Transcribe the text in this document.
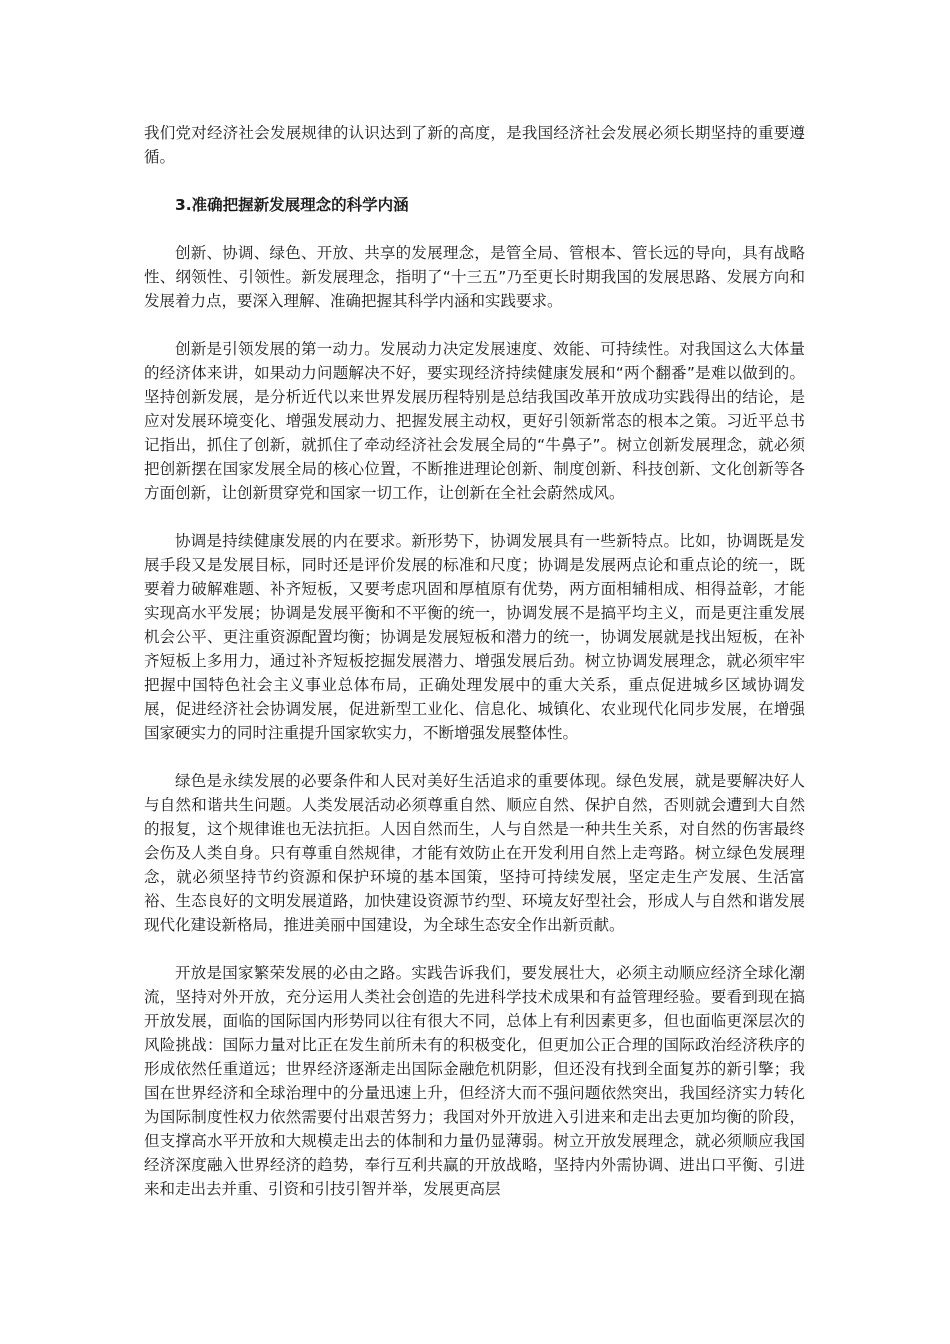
我们党对经济社会发展规律的认识达到了新的高度，是我国经济社会发展必须长期坚持的重要遵循。

3.准确把握新发展理念的科学内涵

创新、协调、绿色、开放、共享的发展理念，是管全局、管根本、管长远的导向，具有战略性、纲领性、引领性。新发展理念，指明了“十三五”乃至更长时期我国的发展思路、发展方向和发展着力点，要深入理解、准确把握其科学内涵和实践要求。

创新是引领发展的第一动力。发展动力决定发展速度、效能、可持续性。对我国这么大体量的经济体来讲，如果动力问题解决不好，要实现经济持续健康发展和“两个翻番”是难以做到的。坚持创新发展，是分析近代以来世界发展历程特别是总结我国改革开放成功实践得出的结论，是应对发展环境变化、增强发展动力、把握发展主动权，更好引领新常态的根本之策。习近平总书记指出，抓住了创新，就抓住了牵动经济社会发展全局的“牛鼻子”。树立创新发展理念，就必须把创新摆在国家发展全局的核心位置，不断推进理论创新、制度创新、科技创新、文化创新等各方面创新，让创新贯穿党和国家一切工作，让创新在全社会蔚然成风。

协调是持续健康发展的内在要求。新形势下，协调发展具有一些新特点。比如，协调既是发展手段又是发展目标，同时还是评价发展的标准和尺度；协调是发展两点论和重点论的统一，既要着力破解难题、补齐短板，又要考虑巩固和厚植原有优势，两方面相辅相成、相得益彰，才能实现高水平发展；协调是发展平衡和不平衡的统一，协调发展不是搞平均主义，而是更注重发展机会公平、更注重资源配置均衡；协调是发展短板和潜力的统一，协调发展就是找出短板，在补齐短板上多用力，通过补齐短板挖掘发展潜力、增强发展后劲。树立协调发展理念，就必须牢牢把握中国特色社会主义事业总体布局，正确处理发展中的重大关系，重点促进城乡区域协调发展，促进经济社会协调发展，促进新型工业化、信息化、城镇化、农业现代化同步发展，在增强国家硬实力的同时注重提升国家软实力，不断增强发展整体性。

绿色是永续发展的必要条件和人民对美好生活追求的重要体现。绿色发展，就是要解决好人与自然和谐共生问题。人类发展活动必须尊重自然、顺应自然、保护自然，否则就会遭到大自然的报复，这个规律谁也无法抗拒。人因自然而生，人与自然是一种共生关系，对自然的伤害最终会伤及人类自身。只有尊重自然规律，才能有效防止在开发利用自然上走弯路。树立绿色发展理念，就必须坚持节约资源和保护环境的基本国策，坚持可持续发展，坚定走生产发展、生活富裕、生态良好的文明发展道路，加快建设资源节约型、环境友好型社会，形成人与自然和谐发展现代化建设新格局，推进美丽中国建设，为全球生态安全作出新贡献。

开放是国家繁荣发展的必由之路。实践告诉我们，要发展壮大，必须主动顺应经济全球化潮流，坚持对外开放，充分运用人类社会创造的先进科学技术成果和有益管理经验。要看到现在搞开放发展，面临的国际国内形势同以往有很大不同，总体上有利因素更多，但也面临更深层次的风险挑战：国际力量对比正在发生前所未有的积极变化，但更加公正合理的国际政治经济秩序的形成依然任重道远；世界经济逐渐走出国际金融危机阴影，但还没有找到全面复苏的新引擎；我国在世界经济和全球治理中的分量迅速上升，但经济大而不强问题依然突出，我国经济实力转化为国际制度性权力依然需要付出艰苦努力；我国对外开放进入引进来和走出去更加均衡的阶段，但支撑高水平开放和大规模走出去的体制和力量仍显薄弱。树立开放发展理念，就必须顺应我国经济深度融入世界经济的趋势，奉行互利共赢的开放战略，坚持内外需协调、进出口平衡、引进来和走出去并重、引资和引技引智并举，发展更高层
